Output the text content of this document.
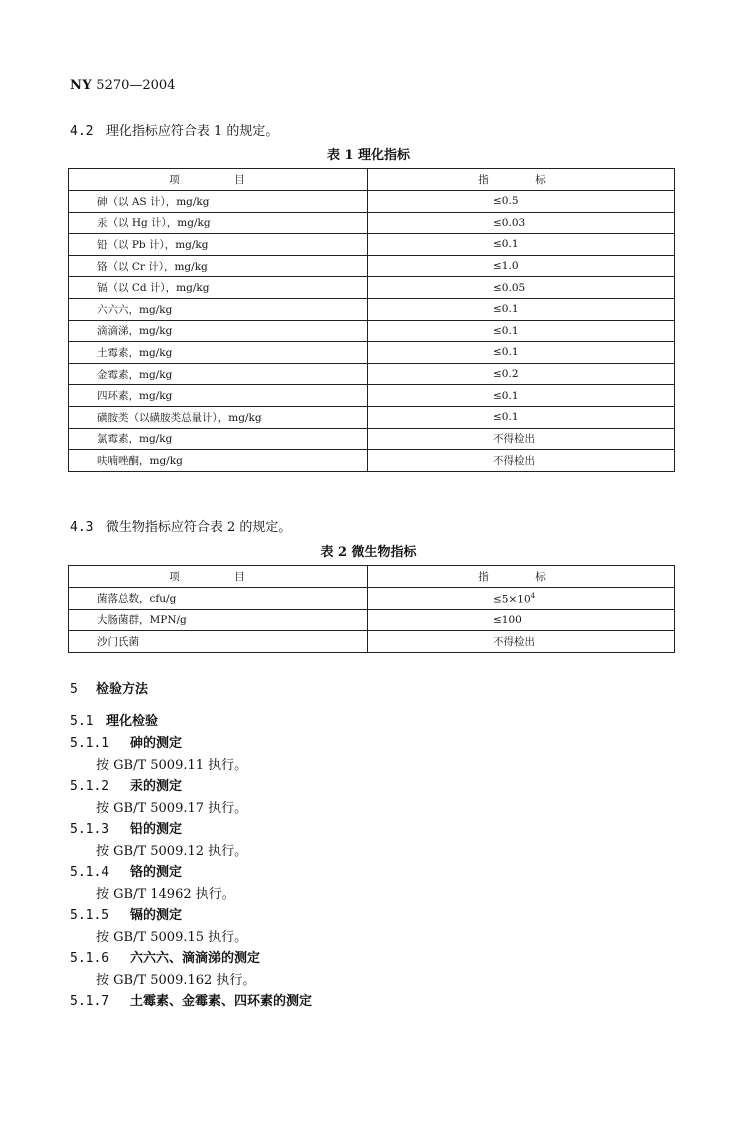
NY 5270—2004
4.2 理化指标应符合表 1 的规定。
表 1 理化指标
项　目	指　标
砷（以 AS 计），mg/kg	≤0.5
汞（以 Hg 计），mg/kg	≤0.03
铅（以 Pb 计），mg/kg	≤0.1
铬（以 Cr 计），mg/kg	≤1.0
镉（以 Cd 计），mg/kg	≤0.05
六六六，mg/kg	≤0.1
滴滴涕，mg/kg	≤0.1
土霉素，mg/kg	≤0.1
金霉素，mg/kg	≤0.2
四环素，mg/kg	≤0.1
磺胺类（以磺胺类总量计），mg/kg	≤0.1
氯霉素，mg/kg	不得检出
呋喃唑酮，mg/kg	不得检出
4.3 微生物指标应符合表 2 的规定。
表 2 微生物指标
项　目	指　标
菌落总数，cfu/g	$\le 5\times 10^4$
大肠菌群，MPN/g	≤100
沙门氏菌	不得检出
5 检验方法
5.1 理化检验
5.1.1 砷的测定
按 GB/T 5009.11 执行。
5.1.2 汞的测定
按 GB/T 5009.17 执行。
5.1.3 铅的测定
按 GB/T 5009.12 执行。
5.1.4 铬的测定
按 GB/T 14962 执行。
5.1.5 镉的测定
按 GB/T 5009.15 执行。
5.1.6 六六六、滴滴涕的测定
按 GB/T 5009.162 执行。
5.1.7 土霉素、金霉素、四环素的测定
